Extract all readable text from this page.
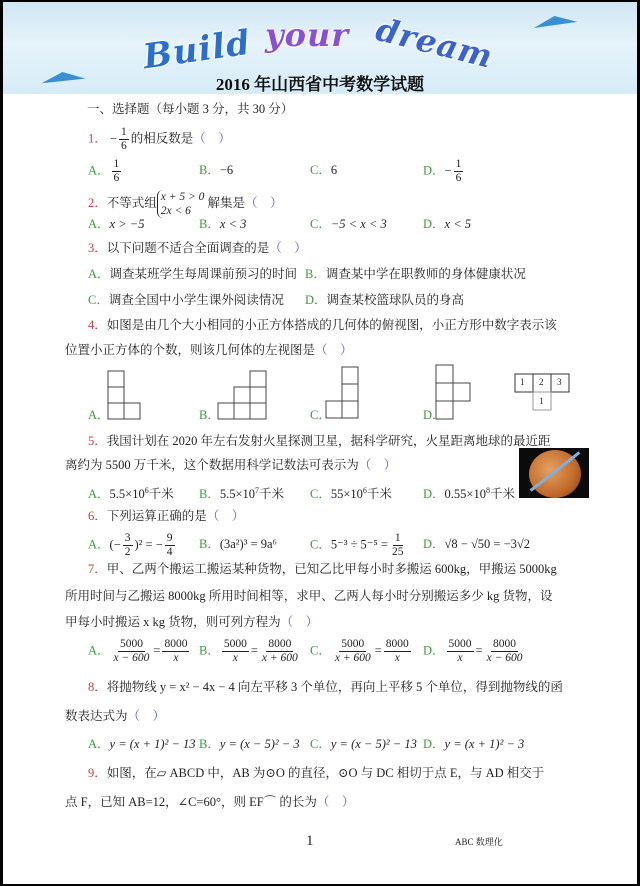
Build your dream
2016 年山西省中考数学试题
一、选择题（每小题 3 分，共 30 分）
1． − $\frac{1}{6}$ 的相反数是（　）
A． $\frac{1}{6}$	B．−6	C．6	D．− $\frac{1}{6}$
2．不等式组 x + 5 > 0
2x < 6 解集是（　）
A．x > −5	B．x < 3	C．−5 < x < 3	D．x < 5
3．以下问题不适合全面调查的是（　）
A．调查某班学生每周课前预习的时间 B．调查某中学在职教师的身体健康状况
C．调查全国中小学生课外阅读情况 D．调查某校篮球队员的身高
4．如图是由几个大小相同的小正方体搭成的几何体的俯视图，小正方形中数字表示该
位置小正方体的个数，则该几何体的左视图是（　）
A．	B．	C．	D．
1 2 3
1
5．我国计划在 2020 年左右发射火星探测卫星，据科学研究，火星距离地球的最近距
离约为 5500 万千米，这个数据用科学记数法可表示为（　）
A．$5.5\times 10^6$千米 B．$5.5\times 10^7$千米 C．$55\times 10^6$千米 D．$0.55\times 10^8$千米
6．下列运算正确的是（　）
A．(− $\frac{3}{2} )^2$ = − $\frac{9}{4}$ B．(3a²)³ = 9a⁶	C．$5^{-3} \div 5^{-5} = \frac{1}{25}$ D．√8 − √50 = −3√2
7．甲、乙两个搬运工搬运某种货物，已知乙比甲每小时多搬运 600kg，甲搬运 5000kg
所用时间与乙搬运 8000kg 所用时间相等，求甲、乙两人每小时分别搬运多少 kg 货物，设
甲每小时搬运 x kg 货物，则可列方程为（　）
A． $\frac{5000}{x - 600} = \frac{8000}{x}$ B． $\frac{5000}{x} = \frac{8000}{x + 600}$ C． $\frac{5000}{x + 600} = \frac{8000}{x}$ D． $\frac{5000}{x} = \frac{8000}{x - 600}$
8．将抛物线 y = x² − 4x − 4 向左平移 3 个单位，再向上平移 5 个单位，得到抛物线的函
数表达式为（　）
A．y = (x + 1)² − 13 B．y = (x − 5)² − 3 C．y = (x − 5)² − 13 D．y = (x + 1)² − 3
9．如图，在▱ ABCD 中，AB 为⊙O 的直径，⊙O 与 DC 相切于点 E，与 AD 相交于
点 F，已知 AB=12，∠C=60°，则 EF⌒ 的长为（　）
1	ABC 数理化
